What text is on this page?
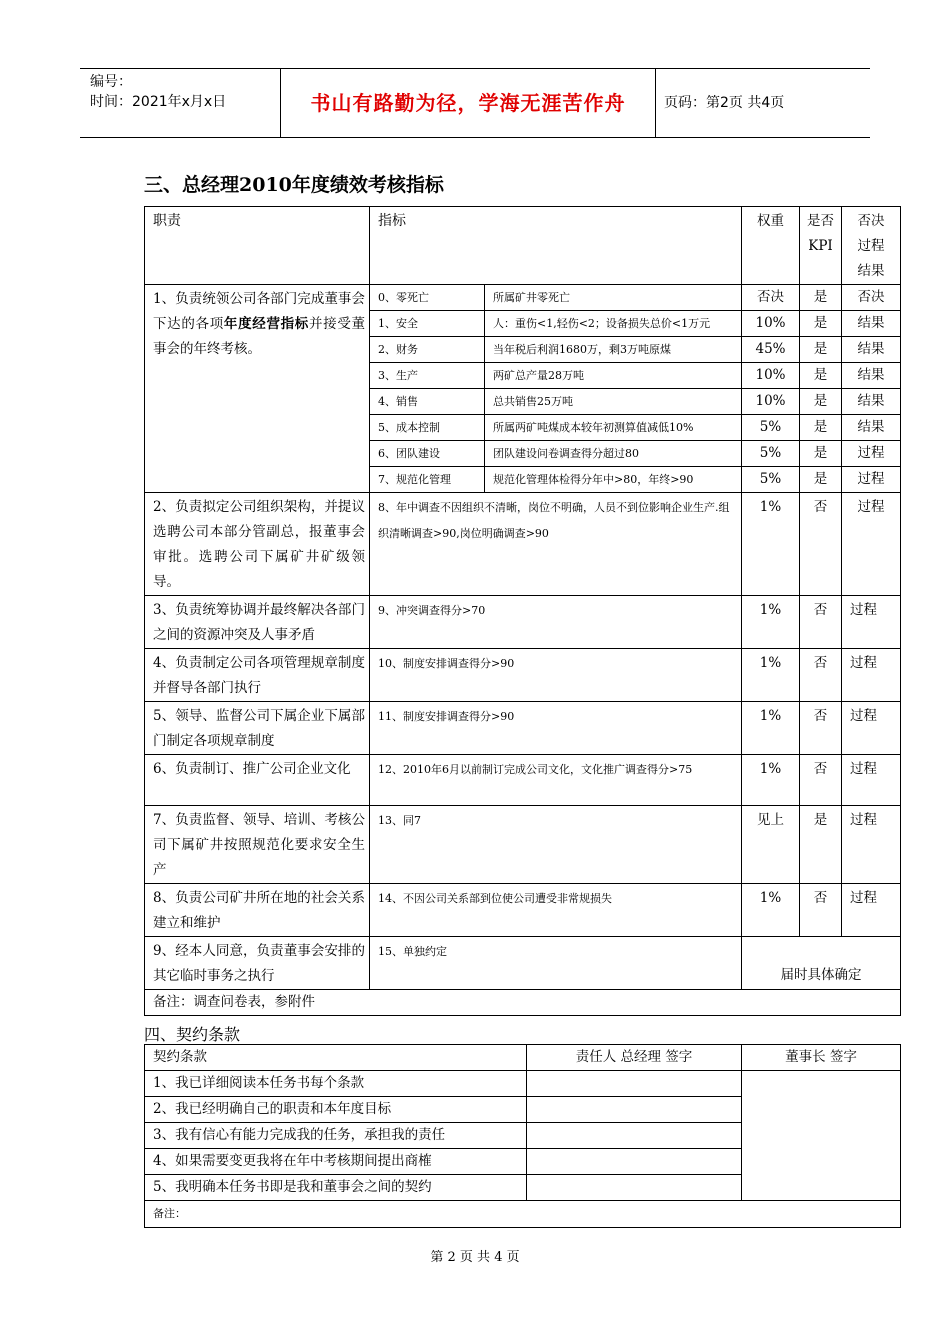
编号：
时间：2021年x月x日	书山有路勤为径，学海无涯苦作舟	页码：第2页 共4页
三、总经理2010年度绩效考核指标
职责	指标		权重	是否KPI	否决过程结果
1、负责统领公司各部门完成董事会下达的各项年度经营指标并接受董事会的年终考核。	0、零死亡	所属矿井零死亡	否决	是	否决
	1、安全	人：重伤<1,轻伤<2；设备损失总价<1万元	10%	是	结果
	2、财务	当年税后利润1680万，剩3万吨原煤	45%	是	结果
	3、生产	两矿总产量28万吨	10%	是	结果
	4、销售	总共销售25万吨	10%	是	结果
	5、成本控制	所属两矿吨煤成本较年初测算值减低10%	5%	是	结果
	6、团队建设	团队建设问卷调查得分超过80	5%	是	过程
	7、规范化管理	规范化管理体检得分年中>80，年终>90	5%	是	过程
2、负责拟定公司组织架构，并提议选聘公司本部分管副总，报董事会审批。选聘公司下属矿井矿级领导。	8、年中调查不因组织不清晰，岗位不明确，人员不到位影响企业生产.组织清晰调查>90,岗位明确调查>90		1%	否	过程
3、负责统筹协调并最终解决各部门之间的资源冲突及人事矛盾	9、冲突调查得分>70		1%	否	过程
4、负责制定公司各项管理规章制度并督导各部门执行	10、制度安排调查得分>90		1%	否	过程
5、领导、监督公司下属企业下属部门制定各项规章制度	11、制度安排调查得分>90		1%	否	过程
6、负责制订、推广公司企业文化	12、2010年6月以前制订完成公司文化，文化推广调查得分>75		1%	否	过程
7、负责监督、领导、培训、考核公司下属矿井按照规范化要求安全生产	13、同7		见上	是	过程
8、负责公司矿井所在地的社会关系建立和维护	14、不因公司关系部到位使公司遭受非常规损失		1%	否	过程
9、经本人同意，负责董事会安排的其它临时事务之执行	15、单独约定		届时具体确定		
备注：调查问卷表，参附件					
四、契约条款
契约条款	责任人 总经理 签字	董事长 签字
1、我已详细阅读本任务书每个条款		
2、我已经明确自己的职责和本年度目标		
3、我有信心有能力完成我的任务，承担我的责任		
4、如果需要变更我将在年中考核期间提出商榷		
5、我明确本任务书即是我和董事会之间的契约		
备注：		
第 2 页 共 4 页
